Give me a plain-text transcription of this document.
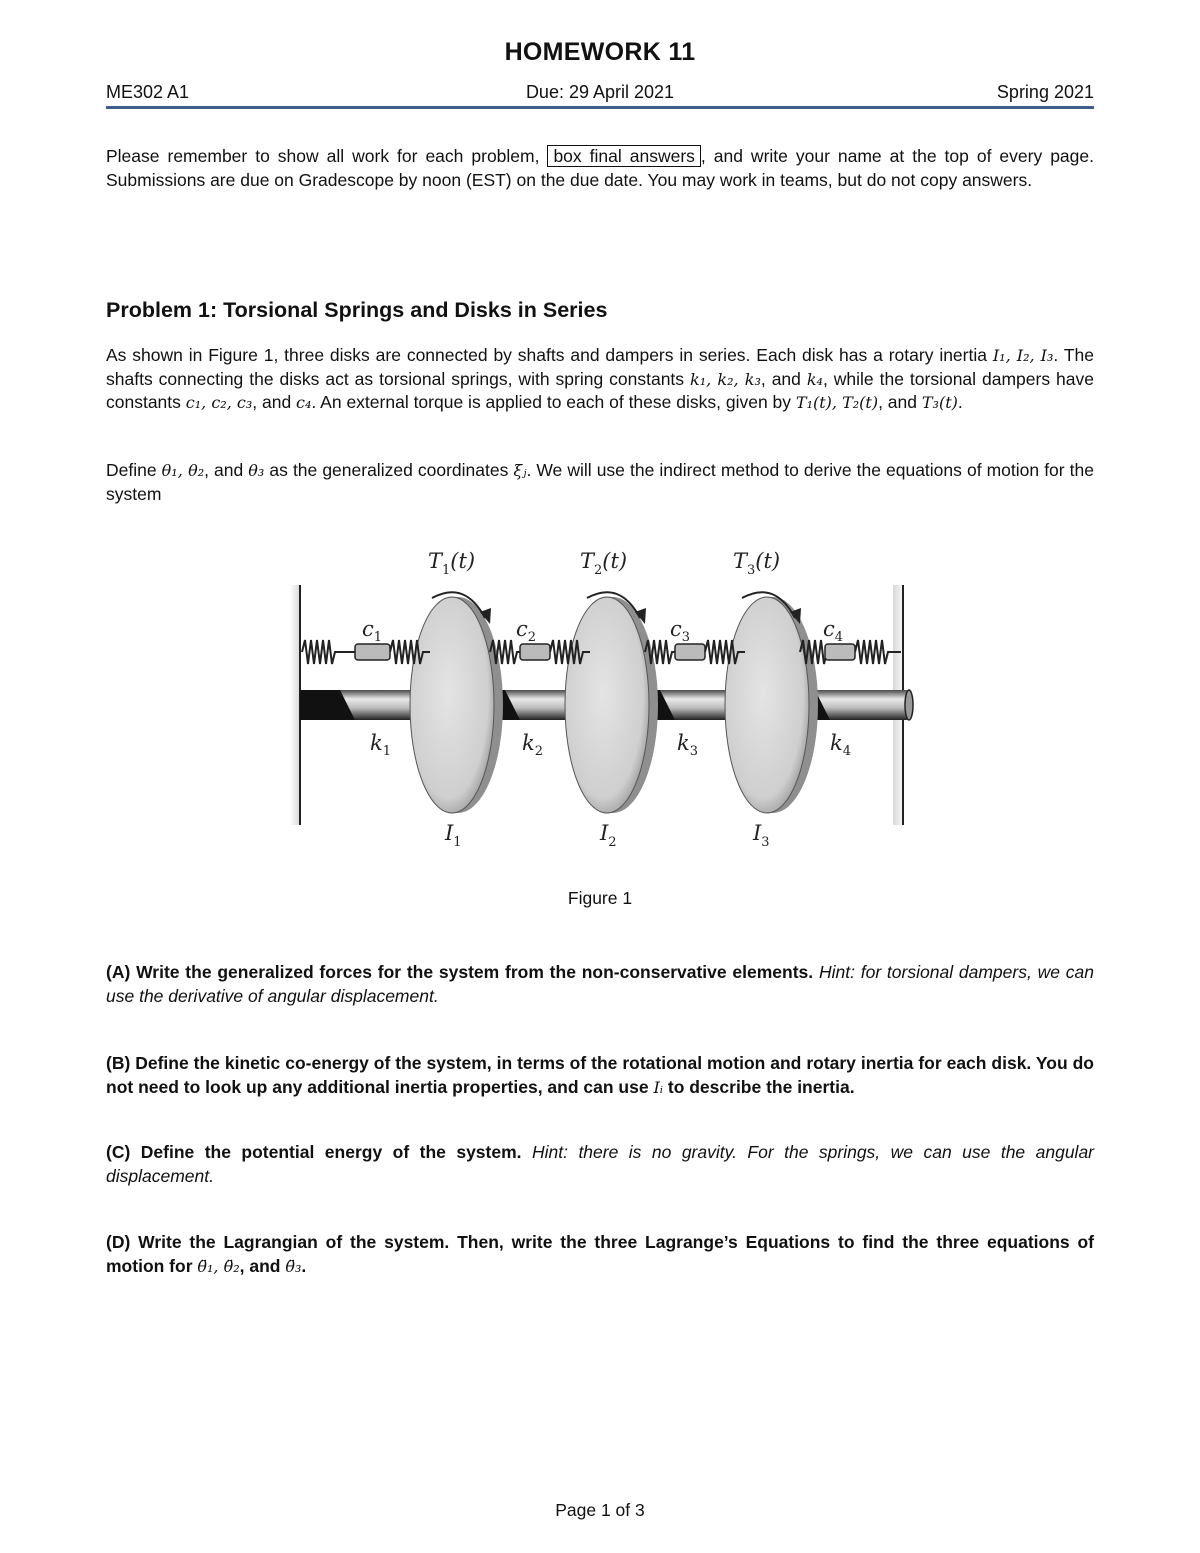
HOMEWORK 11
ME302 A1	Due: 29 April 2021	Spring 2021
Please remember to show all work for each problem, box final answers , and write your name at the top of every page. Submissions are due on Gradescope by noon (EST) on the due date. You may work in teams, but do not copy answers.
Problem 1: Torsional Springs and Disks in Series
As shown in Figure 1, three disks are connected by shafts and dampers in series. Each disk has a rotary inertia I₁, I₂, I₃. The shafts connecting the disks act as torsional springs, with spring constants k₁, k₂, k₃, and k₄, while the torsional dampers have constants c₁, c₂, c₃, and c₄. An external torque is applied to each of these disks, given by T₁(t), T₂(t), and T₃(t).
Define θ₁, θ₂, and θ₃ as the generalized coordinates ξⱼ. We will use the indirect method to derive the equations of motion for the system
$T_1(t)$	$T_2(t)$	$T_3(t)$
$c_1$	$c_2$	$c_3$	$c_4$
$k_1$	$k_2$	$k_3$	$k_4$
$I_1$	$I_2$	$I_3$
Figure 1
(A) Write the generalized forces for the system from the non-conservative elements. Hint: for torsional dampers, we can use the derivative of angular displacement.
(B) Define the kinetic co-energy of the system, in terms of the rotational motion and rotary inertia for each disk. You do not need to look up any additional inertia properties, and can use Iᵢ to describe the inertia.
(C) Define the potential energy of the system. Hint: there is no gravity. For the springs, we can use the angular displacement.
(D) Write the Lagrangian of the system. Then, write the three Lagrange’s Equations to find the three equations of motion for θ̈₁, θ̈₂, and θ̈₃.
Page 1 of 3
